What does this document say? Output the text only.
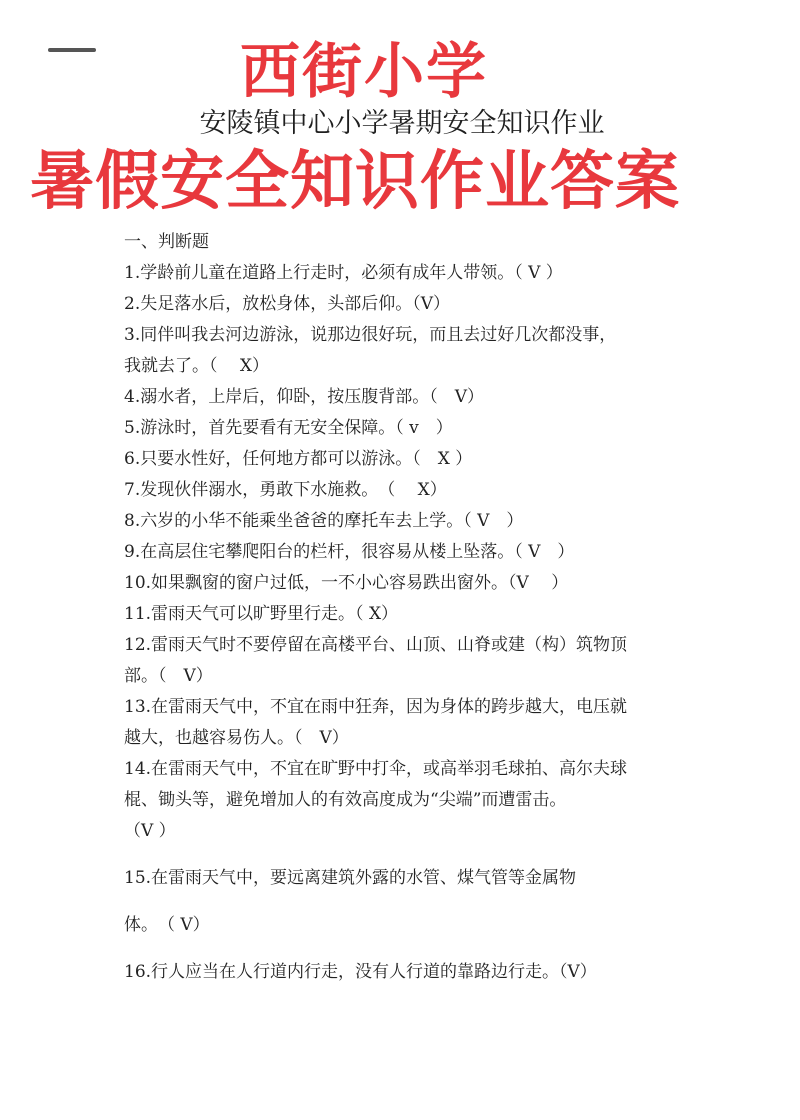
西街小学
安陵镇中心小学暑期安全知识作业
暑假安全知识作业答案
一、判断题
1.学龄前儿童在道路上行走时，必须有成年人带领。（ V ）
2.失足落水后，放松身体，头部后仰。（V）
3.同伴叫我去河边游泳，说那边很好玩，而且去过好几次都没事，
我就去了。（　 X）
4.溺水者，上岸后，仰卧，按压腹背部。（　V）
5.游泳时，首先要看有无安全保障。（ v　）
6.只要水性好，任何地方都可以游泳。（　X ）
7.发现伙伴溺水，勇敢下水施救。　（　 X）
8.六岁的小华不能乘坐爸爸的摩托车去上学。（ V　）
9.在高层住宅攀爬阳台的栏杆，很容易从楼上坠落。（ V　）
10.如果飘窗的窗户过低，一不小心容易跌出窗外。（V　 ）
11.雷雨天气可以旷野里行走。（ X）
12.雷雨天气时不要停留在高楼平台、山顶、山脊或建（构）筑物顶
部。（　V）
13.在雷雨天气中，不宜在雨中狂奔，因为身体的跨步越大，电压就
越大，也越容易伤人。（　V）
14.在雷雨天气中，不宜在旷野中打伞，或高举羽毛球拍、高尔夫球
棍、锄头等，避免增加人的有效高度成为“尖端”而遭雷击。
（V ）
15.在雷雨天气中，要远离建筑外露的水管、煤气管等金属物
体。　（ V）
16.行人应当在人行道内行走，没有人行道的靠路边行走。（V）
